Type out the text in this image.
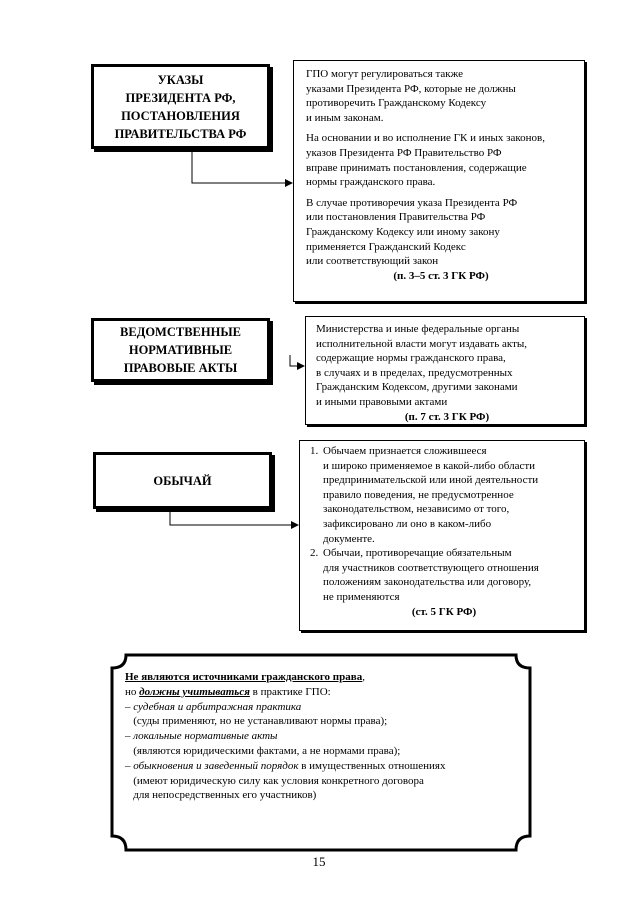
УКАЗЫ
ПРЕЗИДЕНТА РФ,
ПОСТАНОВЛЕНИЯ
ПРАВИТЕЛЬСТВА РФ
ГПО могут регулироваться также
указами Президента РФ, которые не должны
противоречить Гражданскому Кодексу
и иным законам.
На основании и во исполнение ГК и иных законов,
указов Президента РФ Правительство РФ
вправе принимать постановления, содержащие
нормы гражданского права.
В случае противоречия указа Президента РФ
или постановления Правительства РФ
Гражданскому Кодексу или иному закону
применяется Гражданский Кодекс
или соответствующий закон
(п. 3–5 ст. 3 ГК РФ)
ВЕДОМСТВЕННЫЕ
НОРМАТИВНЫЕ
ПРАВОВЫЕ АКТЫ
Министерства и иные федеральные органы
исполнительной власти могут издавать акты,
содержащие нормы гражданского права,
в случаях и в пределах, предусмотренных
Гражданским Кодексом, другими законами
и иными правовыми актами
(п. 7 ст. 3 ГК РФ)
ОБЫЧАЙ
1. Обычаем признается сложившееся
и широко применяемое в какой-либо области
предпринимательской или иной деятельности
правило поведения, не предусмотренное
законодательством, независимо от того,
зафиксировано ли оно в каком-либо
документе.
2. Обычаи, противоречащие обязательным
для участников соответствующего отношения
положениям законодательства или договору,
не применяются
(ст. 5 ГК РФ)
Не являются источниками гражданского права,
но должны учитываться в практике ГПО:
– судебная и арбитражная практика
(суды применяют, но не устанавливают нормы права);
– локальные нормативные акты
(являются юридическими фактами, а не нормами права);
– обыкновения и заведенный порядок в имущественных отношениях
(имеют юридическую силу как условия конкретного договора
для непосредственных его участников)
15
